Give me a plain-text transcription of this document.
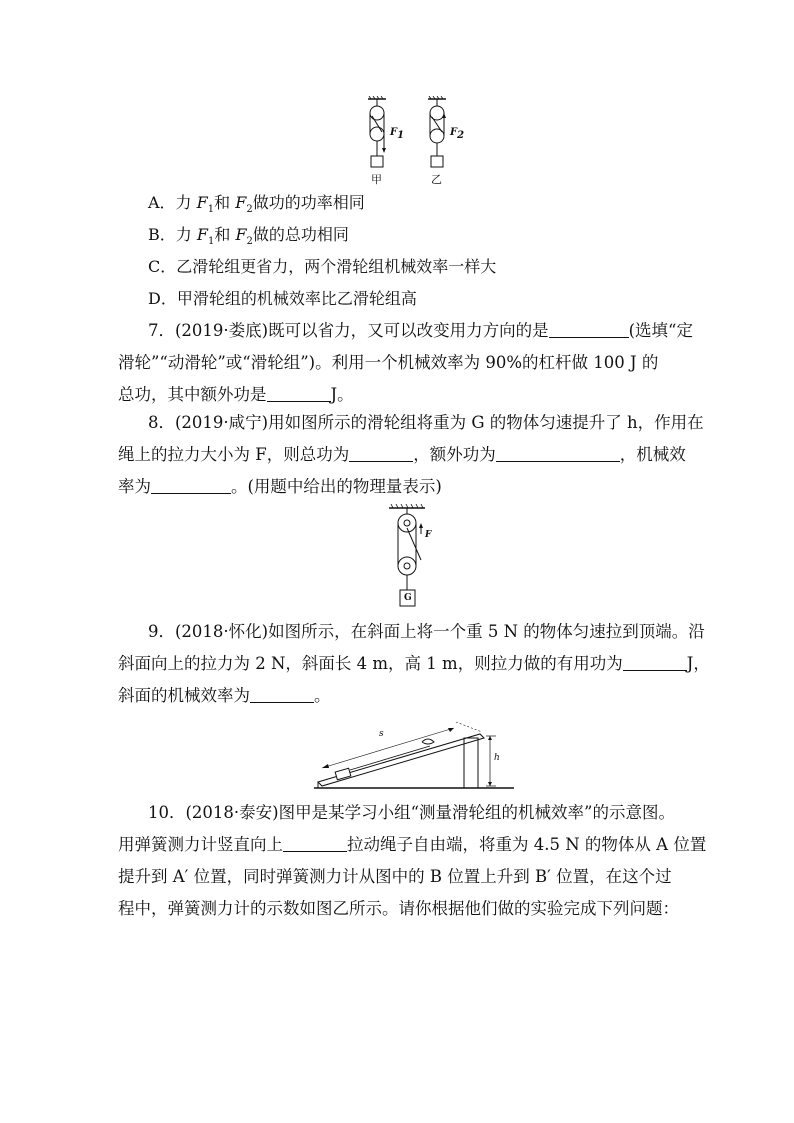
$F_1$	$F_2$
甲	乙
A．力 $F_1$和 $F_2$做功的功率相同
B．力 $F_1$和 $F_2$做的总功相同
C．乙滑轮组更省力，两个滑轮组机械效率一样大
D．甲滑轮组的机械效率比乙滑轮组高
7．(2019·娄底)既可以省力，又可以改变用力方向的是	(选填“定
滑轮”“动滑轮”或“滑轮组”)。利用一个机械效率为 90%的杠杆做 100 J 的
总功，其中额外功是	J。
8．(2019·咸宁)用如图所示的滑轮组将重为 G 的物体匀速提升了 h，作用在
绳上的拉力大小为 F，则总功为	，额外功为	，机械效
率为	。(用题中给出的物理量表示)
G
F
9．(2018·怀化)如图所示，在斜面上将一个重 5 N 的物体匀速拉到顶端。沿
斜面向上的拉力为 2 N，斜面长 4 m，高 1 m，则拉力做的有用功为	J，
斜面的机械效率为	。
s
h
10．(2018·泰安)图甲是某学习小组“测量滑轮组的机械效率”的示意图。
用弹簧测力计竖直向上	拉动绳子自由端，将重为 4.5 N 的物体从 A 位置
提升到 A′ 位置，同时弹簧测力计从图中的 B 位置上升到 B′ 位置，在这个过
程中，弹簧测力计的示数如图乙所示。请你根据他们做的实验完成下列问题：
